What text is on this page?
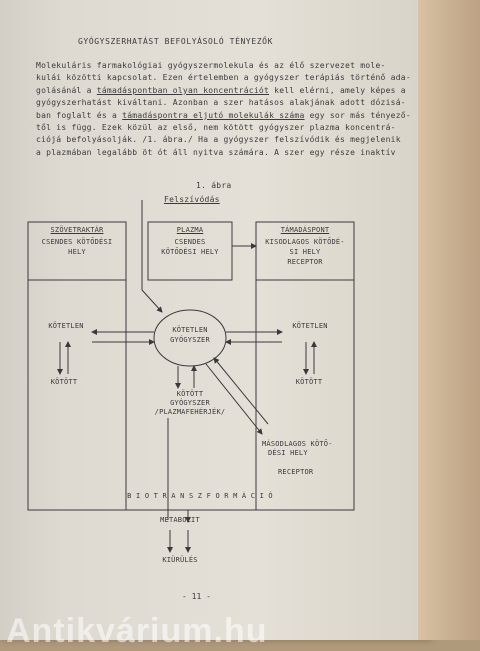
GYÓGYSZERHATÁST BEFOLYÁSOLÓ TÉNYEZŐK
Molekuláris farmakológiai gyógyszermolekula és az élő szervezet mole-
kulái közötti kapcsolat. Ezen értelemben a gyógyszer terápiás történő ada-
golásánál a támadáspontban olyan koncentrációt kell elérni, amely képes a
gyógyszerhatást kiváltani. Azonban a szer hatásos alakjának adott dózisá-
ban foglalt és a támadáspontra eljutó molekulák száma egy sor más tényező-
től is függ. Ezek közül az első, nem kötött gyógyszer plazma koncentrá-
ciójá befolyásolják. /1. ábra./ Ha a gyógyszer felszívódik és megjelenik
a plazmában legalább öt ót áll nyitva számára. A szer egy része inaktív
1. ábra
Felszívódás
SZÖVETRAKTÁR
CSENDES KÖTŐDÉSI
HELY
PLAZMA
CSENDES
KÖTŐDÉSI HELY
TÁMADÁSPONT
KISODLAGOS KÖTŐDÉ-
SI HELY
RECEPTOR
KÖTETLEN
KÖTÖTT
KÖTETLEN
GYÓGYSZER
KÖTETLEN
KÖTÖTT
KÖTÖTT
GYÓGYSZER
/PLAZMAFEHÉRJÉK/
MÁSODLAGOS KÖTŐ-
DÉSI HELY
RECEPTOR
B I O T R A N S Z F O R M Á C I Ó
METABOLIT
KIÜRÜLÉS
- 11 -
Antikvárium.hu
